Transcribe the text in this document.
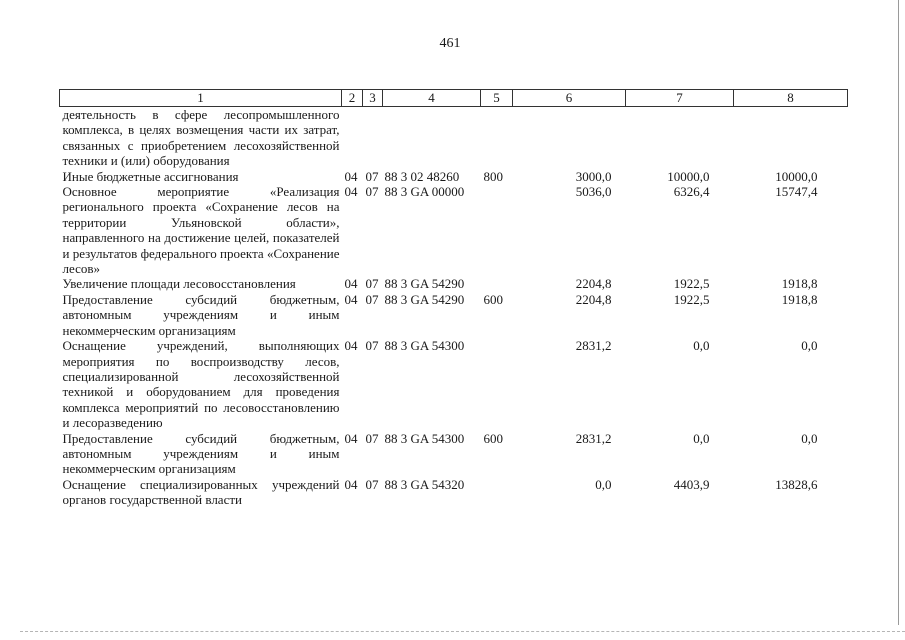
461
1	2	3	4	5	6	7	8
деятельность в сфере лесопромышленного комплекса, в целях возмещения части их затрат, связанных с приобретением лесохозяйственной техники и (или) оборудования							
Иные бюджетные ассигнования	04	07	88 3 02 48260	800	3000,0	10000,0	10000,0
Основное мероприятие «Реализация регионального проекта «Сохранение лесов на территории Ульяновской области», направленного на достижение целей, показателей и результатов федерального проекта «Сохранение лесов»	04	07	88 3 GA 00000		5036,0	6326,4	15747,4
Увеличение площади лесовосстановления	04	07	88 3 GA 54290		2204,8	1922,5	1918,8
Предоставление субсидий бюджетным, автономным учреждениям и иным некоммерческим организациям	04	07	88 3 GA 54290	600	2204,8	1922,5	1918,8
Оснащение учреждений, выполняющих мероприятия по воспроизводству лесов, специализированной лесохозяйственной техникой и оборудованием для проведения комплекса мероприятий по лесовосстановлению и лесоразведению	04	07	88 3 GA 54300		2831,2	0,0	0,0
Предоставление субсидий бюджетным, автономным учреждениям и иным некоммерческим организациям	04	07	88 3 GA 54300	600	2831,2	0,0	0,0
Оснащение специализированных учреждений органов государственной власти	04	07	88 3 GA 54320		0,0	4403,9	13828,6
